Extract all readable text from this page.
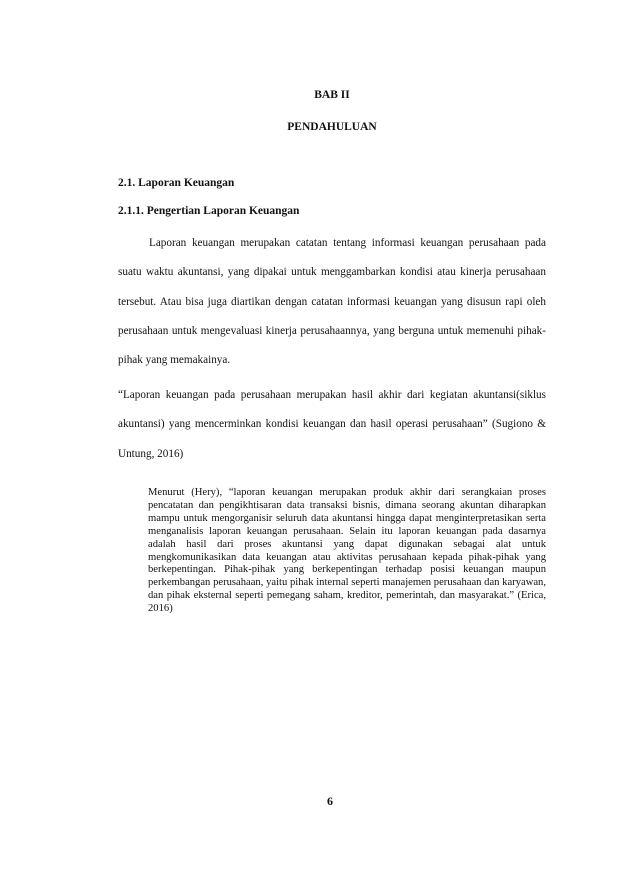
BAB II

PENDAHULUAN

2.1. Laporan Keuangan

2.1.1. Pengertian Laporan Keuangan

Laporan keuangan merupakan catatan tentang informasi keuangan perusahaan pada suatu waktu akuntansi, yang dipakai untuk menggambarkan kondisi atau kinerja perusahaan tersebut. Atau bisa juga diartikan dengan catatan informasi keuangan yang disusun rapi oleh perusahaan untuk mengevaluasi kinerja perusahaannya, yang berguna untuk memenuhi pihak-pihak yang memakainya.

“Laporan keuangan pada perusahaan merupakan hasil akhir dari kegiatan akuntansi(siklus akuntansi) yang mencerminkan kondisi keuangan dan hasil operasi perusahaan” (Sugiono & Untung, 2016)

Menurut (Hery), “laporan keuangan merupakan produk akhir dari serangkaian proses pencatatan dan pengikhtisaran data transaksi bisnis, dimana seorang akuntan diharapkan mampu untuk mengorganisir seluruh data akuntansi hingga dapat menginterpretasikan serta menganalisis laporan keuangan perusahaan. Selain itu laporan keuangan pada dasarnya adalah hasil dari proses akuntansi yang dapat digunakan sebagai alat untuk mengkomunikasikan data keuangan atau aktivitas perusahaan kepada pihak-pihak yang berkepentingan. Pihak-pihak yang berkepentingan terhadap posisi keuangan maupun perkembangan perusahaan, yaitu pihak internal seperti manajemen perusahaan dan karyawan, dan pihak eksternal seperti pemegang saham, kreditor, pemerintah, dan masyarakat.” (Erica, 2016)

6
